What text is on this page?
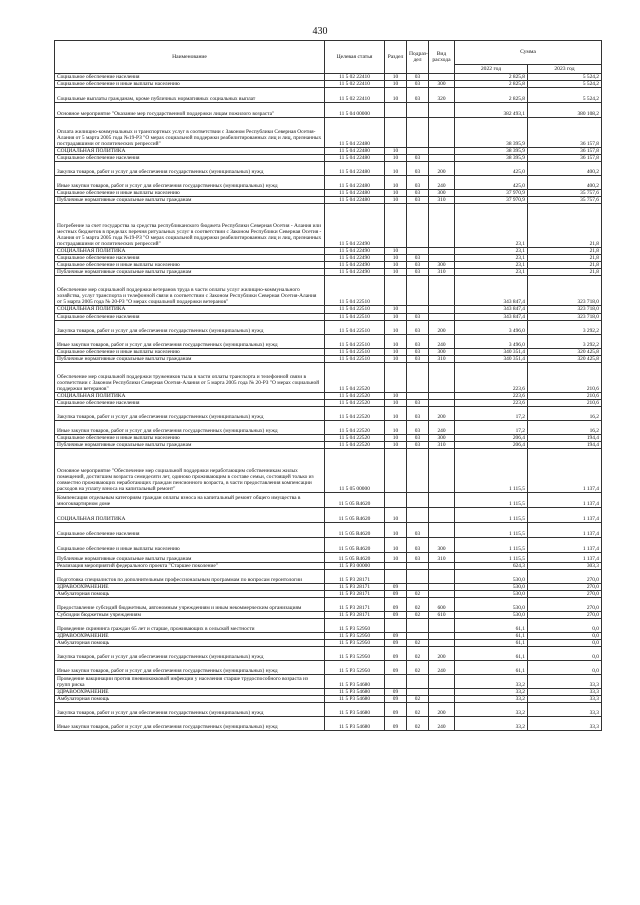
430
Наименование	Целевая статья	Раздел	Подраз-дел	Вид расхода	Сумма	
					2022 год	2023 год
Социальное обеспечение населения	11 5 02 22410	10	03		2 825,8	5 524,2
Социальное обеспечение и иные выплаты населению	11 5 02 22410	10	03	300	2 825,8	5 524,2
Социальные выплаты гражданам, кроме публичных нормативных социальных выплат	11 5 02 22410	10	03	320	2 825,8	5 524,2
Основное мероприятие "Оказание мер государственной поддержки лицам пожилого возраста"	11 5 04 00000				382 493,1	380 108,2
Оплата жилищно-коммунальных и транспортных услуг в соответствии с Законом Республики Северная Осетия-Алания от 5 марта 2005 года №19-РЗ "О мерах социальной поддержки реабилитированных лиц и лиц, признанных пострадавшими от политических репрессий"	11 5 04 22480				38 395,9	36 157,8
СОЦИАЛЬНАЯ ПОЛИТИКА	11 5 04 22480	10			38 395,9	36 157,8
Социальное обеспечение населения	11 5 04 22480	10	03		38 395,9	36 157,8
Закупка товаров, работ и услуг для обеспечения государственных (муниципальных) нужд	11 5 04 22480	10	03	200	425,0	400,2
Иные закупки товаров, работ и услуг для обеспечения государственных (муниципальных) нужд	11 5 04 22480	10	03	240	425,0	400,2
Социальное обеспечение и иные выплаты населению	11 5 04 22480	10	03	300	37 970,9	35 757,6
Публичные нормативные социальные выплаты гражданам	11 5 04 22480	10	03	310	37 970,9	35 757,6
Погребение за счет государства за средства республиканского бюджета Республики Северная Осетия - Алания или местных бюджетов в пределах перечня ритуальных услуг в соответствии с Законом Республики Северная Осетия - Алания от 5 марта 2005 года №19-РЗ "О мерах социальной поддержки реабилитированных лиц и лиц, признанных пострадавшими от политических репрессий"	11 5 04 22490				23,1	21,8
СОЦИАЛЬНАЯ ПОЛИТИКА	11 5 04 22490	10			23,1	21,8
Социальное обеспечение населения	11 5 04 22490	10	03		23,1	21,8
Социальное обеспечение и иные выплаты населению	11 5 04 22490	10	03	300	23,1	21,8
Публичные нормативные социальные выплаты гражданам	11 5 04 22490	10	03	310	23,1	21,8
Обеспечение мер социальной поддержки ветеранов труда в части оплаты услуг жилищно-коммунального хозяйства, услуг транспорта и телефонной связи в соответствии с Законом Республики Северная Осетия-Алания от 5 марта 2005 года № 20-РЗ "О мерах социальной поддержки ветеранов"	11 5 04 22510				343 847,4	323 718,0
СОЦИАЛЬНАЯ ПОЛИТИКА	11 5 04 22510	10			343 847,4	323 718,0
Социальное обеспечение населения	11 5 04 22510	10	03		343 847,4	323 718,0
Закупка товаров, работ и услуг для обеспечения государственных (муниципальных) нужд	11 5 04 22510	10	03	200	3 496,0	3 292,2
Иные закупки товаров, работ и услуг для обеспечения государственных (муниципальных) нужд	11 5 04 22510	10	03	240	3 496,0	3 292,2
Социальное обеспечение и иные выплаты населению	11 5 04 22510	10	03	300	340 351,4	320 425,8
Публичные нормативные социальные выплаты гражданам	11 5 04 22510	10	03	310	340 351,4	320 425,8
Обеспечение мер социальной поддержки тружеников тыла в части оплаты транспорта и телефонной связи в соответствии с Законом Республики Северная Осетия-Алания от 5 марта 2005 года № 20-РЗ "О мерах социальной поддержки ветеранов"	11 5 04 22520				223,6	210,6
СОЦИАЛЬНАЯ ПОЛИТИКА	11 5 04 22520	10			223,6	210,6
Социальное обеспечение населения	11 5 04 22520	10	03		223,6	210,6
Закупка товаров, работ и услуг для обеспечения государственных (муниципальных) нужд	11 5 04 22520	10	03	200	17,2	16,2
Иные закупки товаров, работ и услуг для обеспечения государственных (муниципальных) нужд	11 5 04 22520	10	03	240	17,2	16,2
Социальное обеспечение и иные выплаты населению	11 5 04 22520	10	03	300	206,4	194,4
Публичные нормативные социальные выплаты гражданам	11 5 04 22520	10	03	310	206,4	194,4
Основное мероприятие "Обеспечение мер социальной поддержки неработающим собственникам жилых помещений, достигшим возраста семидесяти лет, одиноко проживающим в составе семьи, состоящей только из совместно проживающих неработающих граждан пенсионного возраста, в части предоставления компенсации расходов на уплату взноса на капитальный ремонт"	11 5 05 00000				1 115,5	1 137,4
Компенсация отдельным категориям граждан оплаты взноса на капитальный ремонт общего имущества в многоквартирном доме	11 5 05 R4620				1 115,5	1 137,4
СОЦИАЛЬНАЯ ПОЛИТИКА	11 5 05 R4620	10			1 115,5	1 137,4
Социальное обеспечение населения	11 5 05 R4620	10	03		1 115,5	1 137,4
Социальное обеспечение и иные выплаты населению	11 5 05 R4620	10	03	300	1 115,5	1 137,4
Публичные нормативные социальные выплаты гражданам	11 5 05 R4620	10	03	310	1 115,5	1 137,4
Реализация мероприятий федерального проекта "Старшее поколение"	11 5 P3 00000				624,3	303,3
Подготовка специалистов по дополнительным профессиональным программам по вопросам геронтологии	11 5 P3 28171				530,0	270,0
ЗДРАВООХРАНЕНИЕ	11 5 P3 28171	09			530,0	270,0
Амбулаторная помощь	11 5 P3 28171	09	02		530,0	270,0
Предоставление субсидий бюджетным, автономным учреждениям и иным некоммерческим организациям	11 5 P3 28171	09	02	600	530,0	270,0
Субсидии бюджетным учреждениям	11 5 P3 28171	09	02	610	530,0	270,0
Проведение скрининга граждан 65 лет и старше, проживающих в сельской местности	11 5 P3 52950				61,1	0,0
ЗДРАВООХРАНЕНИЕ	11 5 P3 52950	09			61,1	0,0
Амбулаторная помощь	11 5 P3 52950	09	02		61,1	0,0
Закупка товаров, работ и услуг для обеспечения государственных (муниципальных) нужд	11 5 P3 52950	09	02	200	61,1	0,0
Иные закупки товаров, работ и услуг для обеспечения государственных (муниципальных) нужд	11 5 P3 52950	09	02	240	61,1	0,0
Проведение вакцинации против пневмококковой инфекции у населения старше трудоспособного возраста из групп риска	11 5 P3 54680				33,2	33,3
ЗДРАВООХРАНЕНИЕ	11 5 P3 54680	09			33,2	33,3
Амбулаторная помощь	11 5 P3 54680	09	02		33,2	33,3
Закупка товаров, работ и услуг для обеспечения государственных (муниципальных) нужд	11 5 P3 54680	09	02	200	33,2	33,3
Иные закупки товаров, работ и услуг для обеспечения государственных (муниципальных) нужд	11 5 P3 54680	09	02	240	33,2	33,3
